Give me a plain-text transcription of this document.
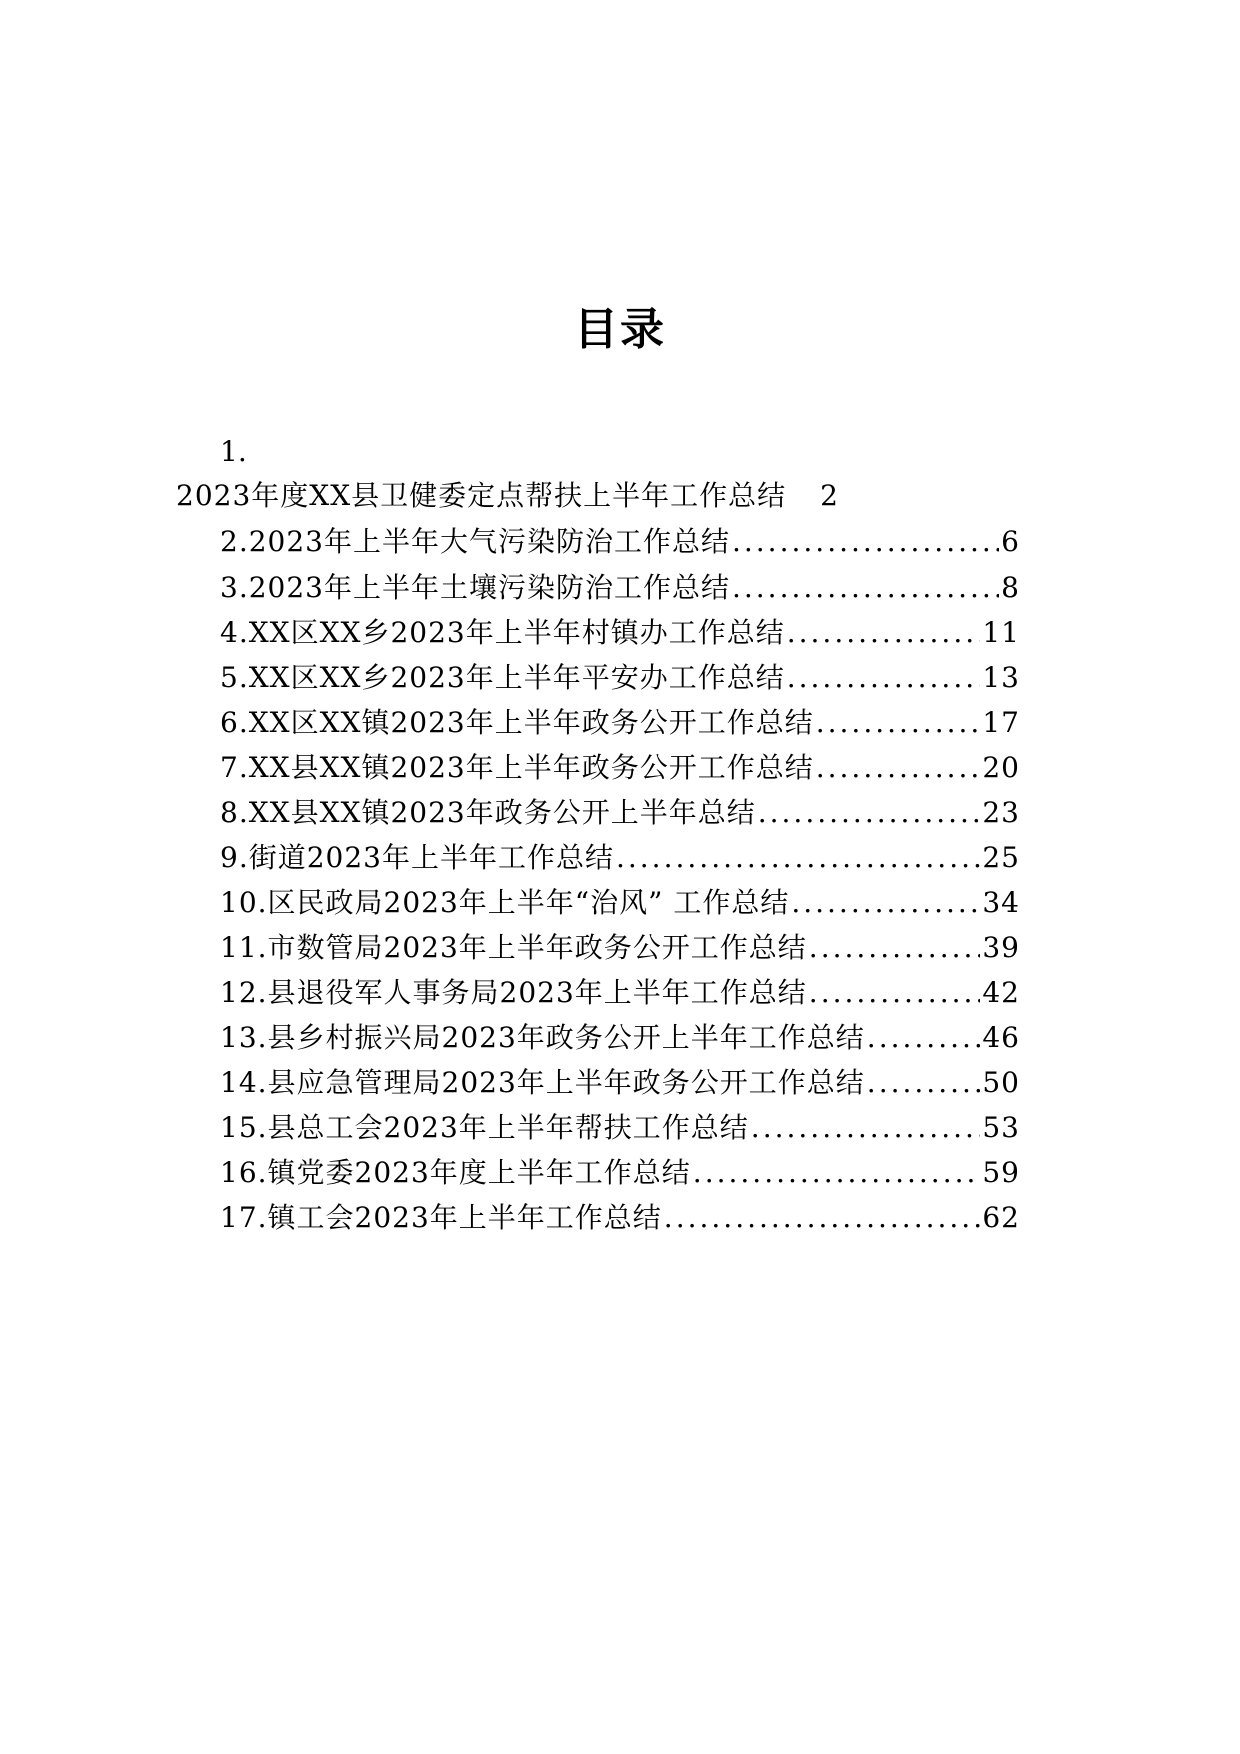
目录
1.
2023年度XX县卫健委定点帮扶上半年工作总结 2
2.2023年上半年大气污染防治工作总结 .....	6
3.2023年上半年土壤污染防治工作总结 .....	8
4.XX区XX乡2023年上半年村镇办工作总结 .....	11
5.XX区XX乡2023年上半年平安办工作总结 .....	13
6.XX区XX镇2023年上半年政务公开工作总结 .....	17
7.XX县XX镇2023年上半年政务公开工作总结 .....	20
8.XX县XX镇2023年政务公开上半年总结 .....	23
9.街道2023年上半年工作总结 .....	25
10.区民政局2023年上半年“治风” 工作总结 .....	34
11.市数管局2023年上半年政务公开工作总结 .....	39
12.县退役军人事务局2023年上半年工作总结 .....	42
13.县乡村振兴局2023年政务公开上半年工作总结 .....	46
14.县应急管理局2023年上半年政务公开工作总结 .....	50
15.县总工会2023年上半年帮扶工作总结 .....	53
16.镇党委2023年度上半年工作总结 .....	59
17.镇工会2023年上半年工作总结 .....	62
